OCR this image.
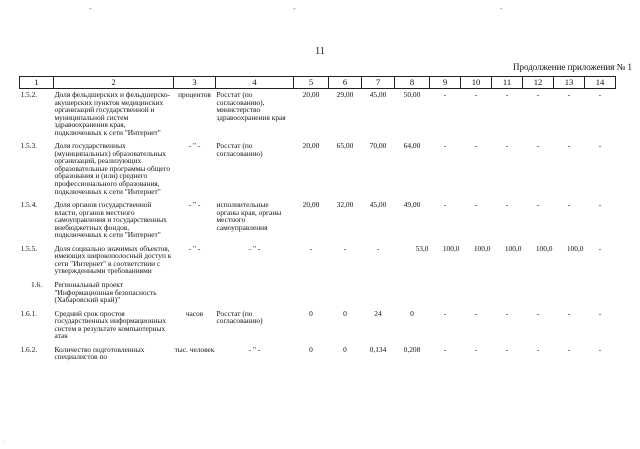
-	-	-
11
Продолжение приложения № 1
1	2	3	4	5	6	7	8	9	10	11	12	13	14
1.5.2.	Доля фельдшерских и фельдшерско-акушерских пунктов медицинских организаций государственной и муниципальной систем здравоохранения края, подключенных к сети "Интернет"	процентов	Росстат (по согласованию), министерство здравоохранения края	20,00	29,00	45,00	50,00	-	-	-	-	-	-
1.5.3.	Доля государственных (муниципальных) образовательных организаций, реализующих образовательные программы общего образования и (или) среднего профессионального образования, подключенных к сети "Интернет"	- " -	Росстат (по согласованию)	20,00	65,00	70,00	64,00	-	-	-	-	-	-
1.5.4.	Доля органов государственной власти, органов местного самоуправления и государственных внебюджетных фондов, подключенных к сети "Интернет"	- " -	исполнительные органы края, органы местного самоуправления	20,00	32,00	45,00	49,00	-	-	-	-	-	-
1.5.5.	Доля социально значимых объектов, имеющих широкополосный доступ к сети "Интернет" в соответствии с утвержденными требованиями	- " -	- " -	-	-	-	53,0	100,0	100,0	100,0	100,0	100,0	-
1.6.	Региональный проект "Информационная безопасность (Хабаровский край)"												
1.6.1.	Средний срок простоя государственных информационных систем в результате компьютерных атак	часов	Росстат (по согласованию)	0	0	24	0	-	-	-	-	-	-
1.6.2.	Количество подготовленных специалистов по	тыс. человек	- " -	0	0	0,134	0,208	-	-	-	-	-	-
'
